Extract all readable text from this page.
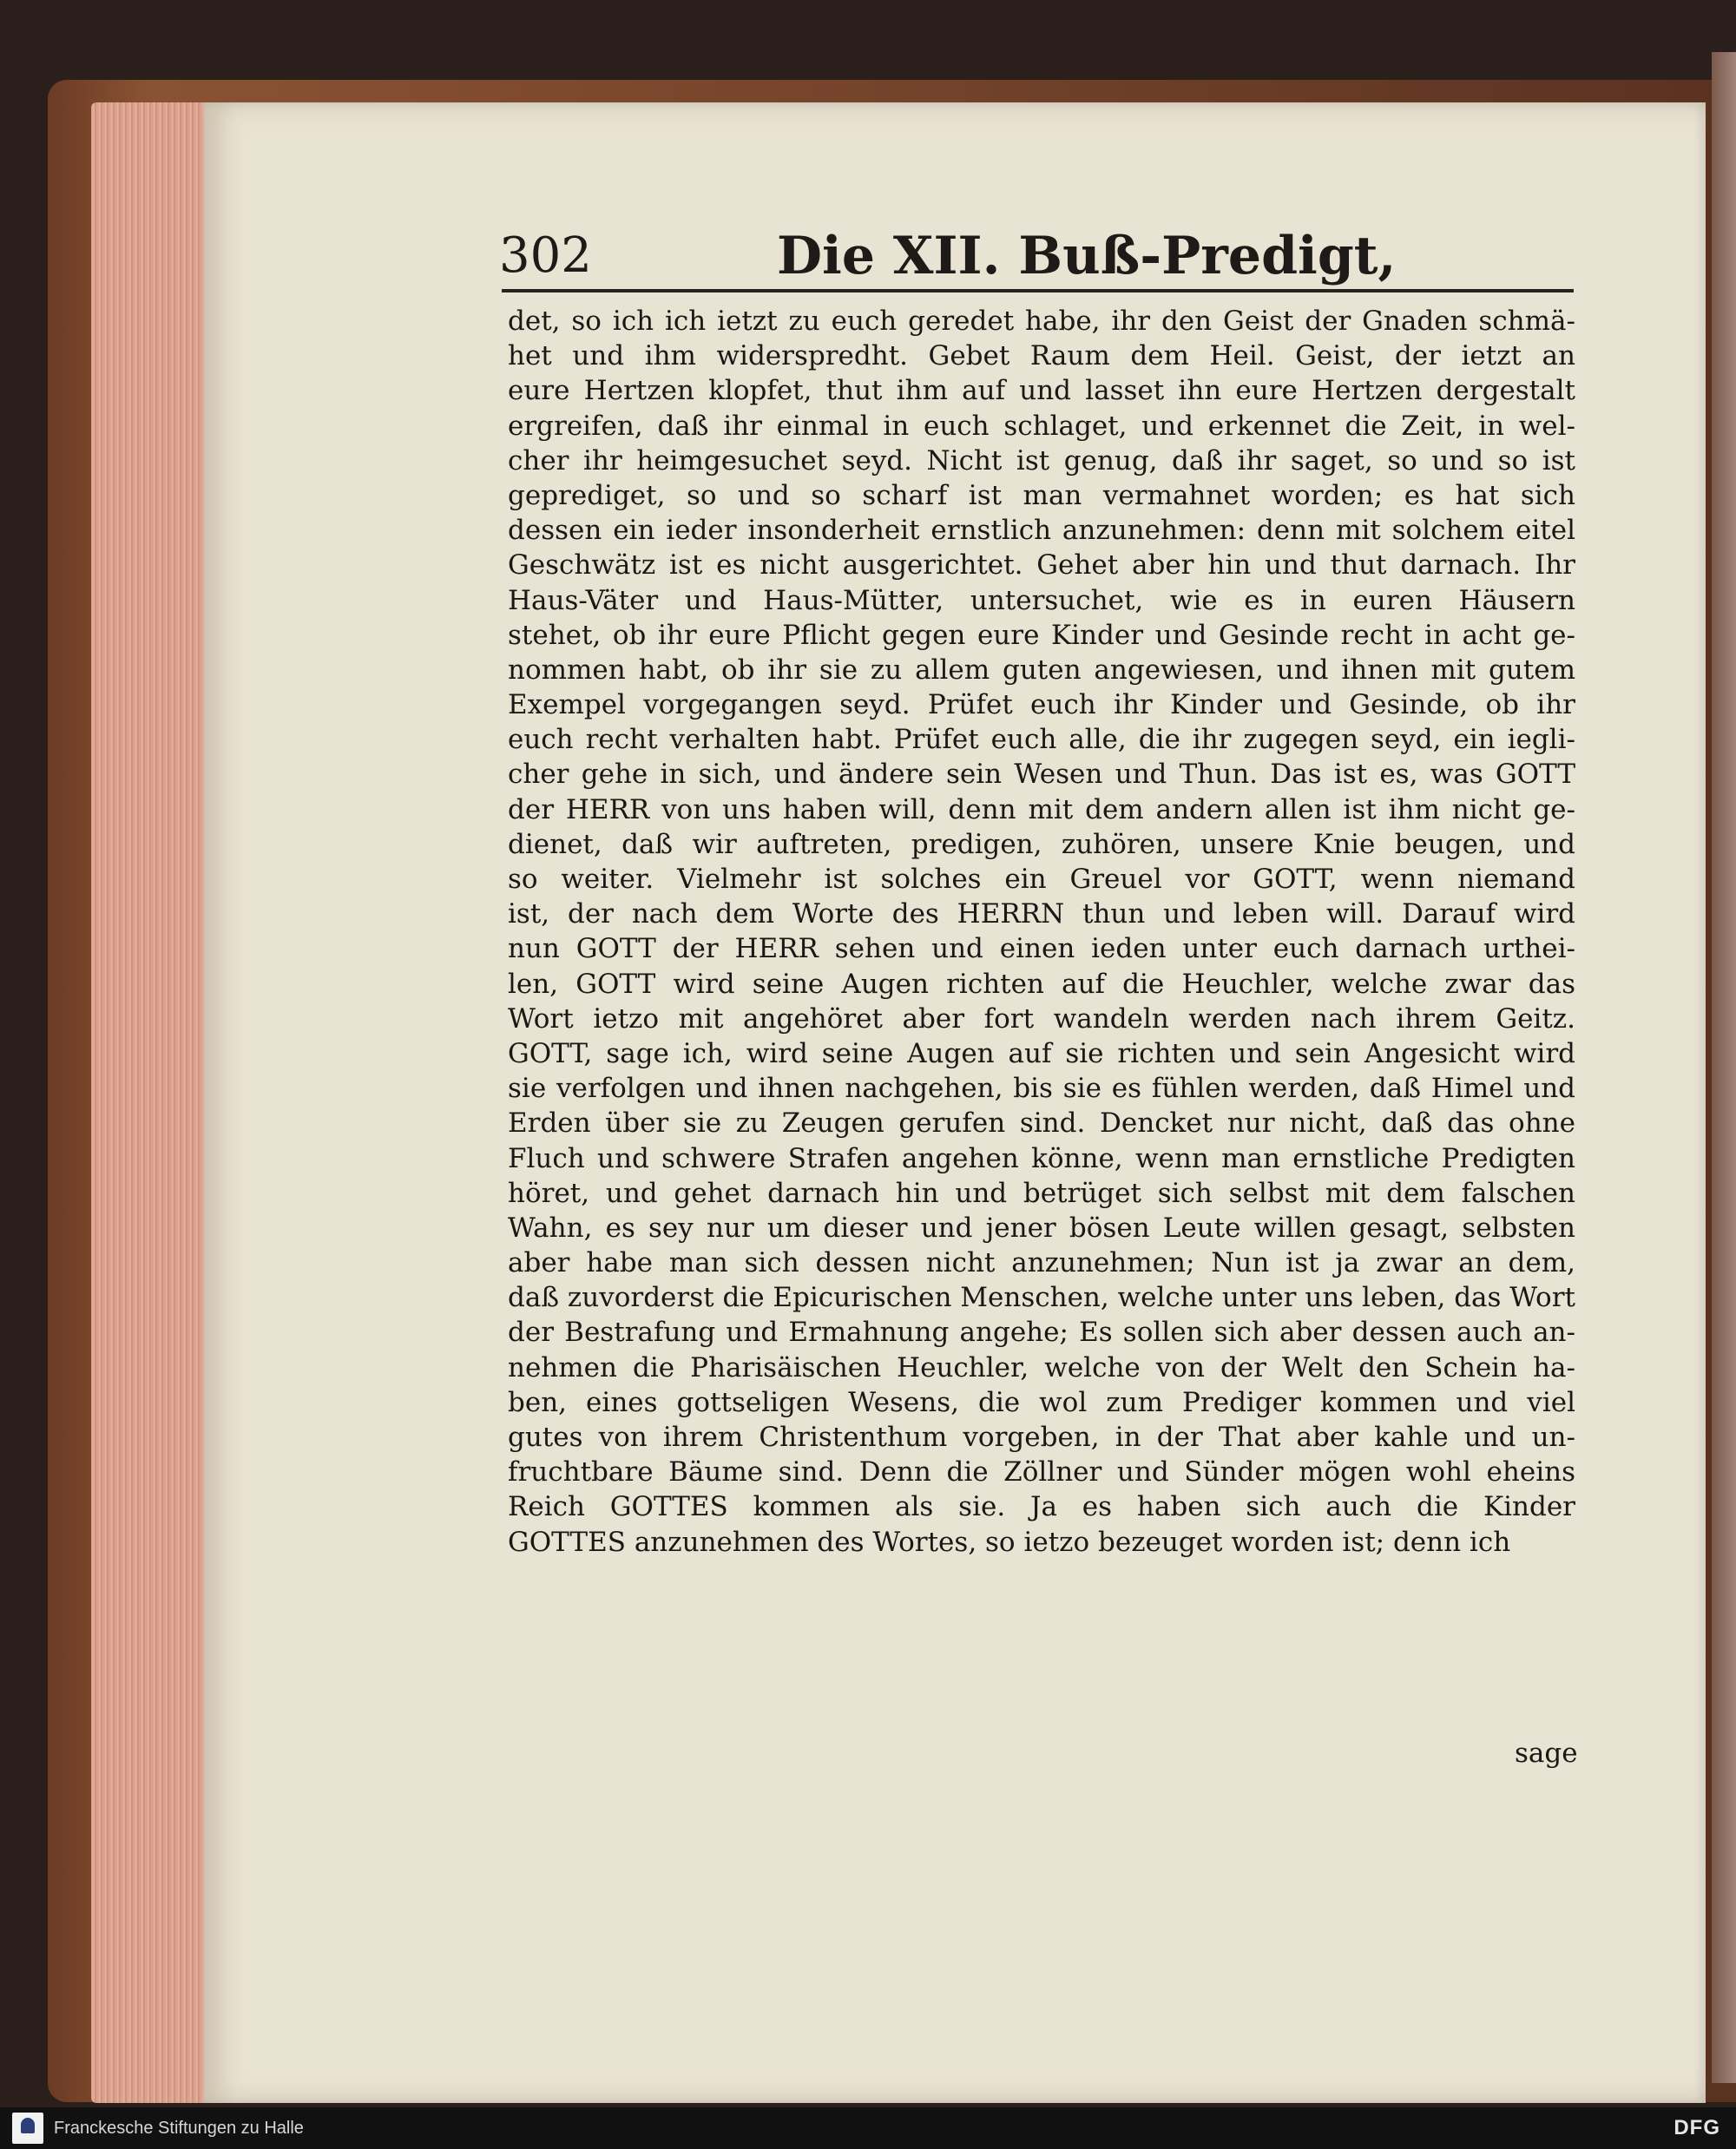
302	Die XII. Buß-Predigt,
det, so ich ich ietzt zu euch geredet habe, ihr den Geist der Gnaden schmä-
het und ihm widerspredht. Gebet Raum dem Heil. Geist, der ietzt an
eure Hertzen klopfet, thut ihm auf und lasset ihn eure Hertzen dergestalt
ergreifen, daß ihr einmal in euch schlaget, und erkennet die Zeit, in wel-
cher ihr heimgesuchet seyd. Nicht ist genug, daß ihr saget, so und so ist
geprediget, so und so scharf ist man vermahnet worden; es hat sich
dessen ein ieder insonderheit ernstlich anzunehmen: denn mit solchem eitel
Geschwätz ist es nicht ausgerichtet. Gehet aber hin und thut darnach. Ihr
Haus-Väter und Haus-Mütter, untersuchet, wie es in euren Häusern
stehet, ob ihr eure Pflicht gegen eure Kinder und Gesinde recht in acht ge-
nommen habt, ob ihr sie zu allem guten angewiesen, und ihnen mit gutem
Exempel vorgegangen seyd. Prüfet euch ihr Kinder und Gesinde, ob ihr
euch recht verhalten habt. Prüfet euch alle, die ihr zugegen seyd, ein iegli-
cher gehe in sich, und ändere sein Wesen und Thun. Das ist es, was GOTT
der HERR von uns haben will, denn mit dem andern allen ist ihm nicht ge-
dienet, daß wir auftreten, predigen, zuhören, unsere Knie beugen, und
so weiter. Vielmehr ist solches ein Greuel vor GOTT, wenn niemand
ist, der nach dem Worte des HERRN thun und leben will. Darauf wird
nun GOTT der HERR sehen und einen ieden unter euch darnach urthei-
len, GOTT wird seine Augen richten auf die Heuchler, welche zwar das
Wort ietzo mit angehöret aber fort wandeln werden nach ihrem Geitz.
GOTT, sage ich, wird seine Augen auf sie richten und sein Angesicht wird
sie verfolgen und ihnen nachgehen, bis sie es fühlen werden, daß Himel und
Erden über sie zu Zeugen gerufen sind. Dencket nur nicht, daß das ohne
Fluch und schwere Strafen angehen könne, wenn man ernstliche Predigten
höret, und gehet darnach hin und betrüget sich selbst mit dem falschen
Wahn, es sey nur um dieser und jener bösen Leute willen gesagt, selbsten
aber habe man sich dessen nicht anzunehmen; Nun ist ja zwar an dem,
daß zuvorderst die Epicurischen Menschen, welche unter uns leben, das Wort
der Bestrafung und Ermahnung angehe; Es sollen sich aber dessen auch an-
nehmen die Pharisäischen Heuchler, welche von der Welt den Schein ha-
ben, eines gottseligen Wesens, die wol zum Prediger kommen und viel
gutes von ihrem Christenthum vorgeben, in der That aber kahle und un-
fruchtbare Bäume sind. Denn die Zöllner und Sünder mögen wohl eheins
Reich GOTTES kommen als sie. Ja es haben sich auch die Kinder
GOTTES anzunehmen des Wortes, so ietzo bezeuget worden ist; denn ich
sage
Franckesche Stiftungen zu Halle	DFG
